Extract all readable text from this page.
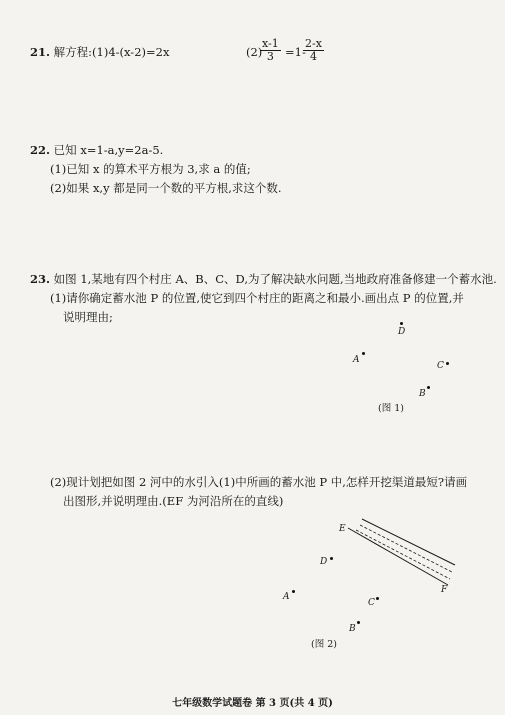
21. 解方程:(1)4-(x-2)=2x	(2)
$\frac{x-1}{3} =1-$
$\frac{2-x}{4}$
22. 已知 x=1-a,y=2a-5.
(1)已知 x 的算术平方根为 3,求 a 的值;
(2)如果 x,y 都是同一个数的平方根,求这个数.
23. 如图 1,某地有四个村庄 A、B、C、D,为了解决缺水问题,当地政府准备修建一个蓄水池.
(1)请你确定蓄水池 P 的位置,使它到四个村庄的距离之和最小.画出点 P 的位置,并
说明理由;
D
A
C
B
(图 1)
(2)现计划把如图 2 河中的水引入(1)中所画的蓄水池 P 中,怎样开挖渠道最短?请画
出图形,并说明理由.(EF 为河沿所在的直线)
E
F
D
A
C
B
(图 2)
七年级数学试题卷 第 3 页(共 4 页)
